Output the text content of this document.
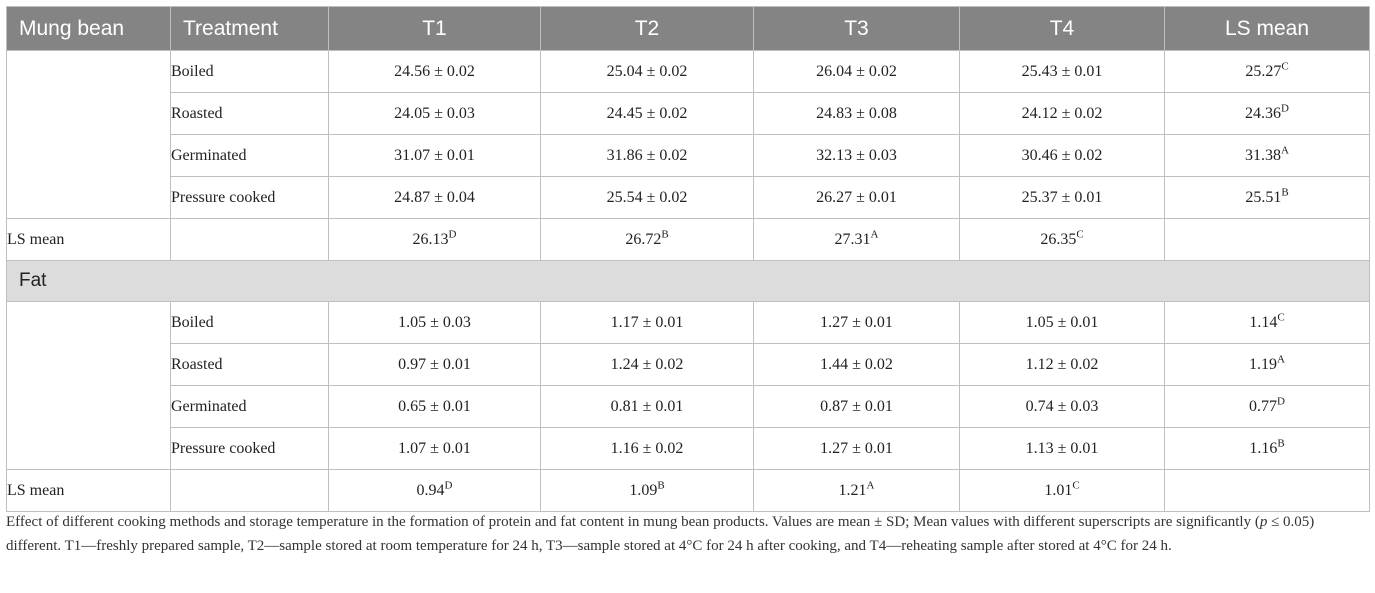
Mung bean	Treatment	T1	T2	T3	T4	LS mean
	Boiled	24.56 ± 0.02	25.04 ± 0.02	26.04 ± 0.02	25.43 ± 0.01	$25.27^C$
	Roasted	24.05 ± 0.03	24.45 ± 0.02	24.83 ± 0.08	24.12 ± 0.02	$24.36^D$
	Germinated	31.07 ± 0.01	31.86 ± 0.02	32.13 ± 0.03	30.46 ± 0.02	$31.38^A$
	Pressure cooked	24.87 ± 0.04	25.54 ± 0.02	26.27 ± 0.01	25.37 ± 0.01	$25.51^B$
LS mean		$26.13^D$	$26.72^B$	$27.31^A$	$26.35^C$	
Fat						
	Boiled	1.05 ± 0.03	1.17 ± 0.01	1.27 ± 0.01	1.05 ± 0.01	$1.14^C$
	Roasted	0.97 ± 0.01	1.24 ± 0.02	1.44 ± 0.02	1.12 ± 0.02	$1.19^A$
	Germinated	0.65 ± 0.01	0.81 ± 0.01	0.87 ± 0.01	0.74 ± 0.03	$0.77^D$
	Pressure cooked	1.07 ± 0.01	1.16 ± 0.02	1.27 ± 0.01	1.13 ± 0.01	$1.16^B$
LS mean		$0.94^D$	$1.09^B$	$1.21^A$	$1.01^C$	
Effect of different cooking methods and storage temperature in the formation of protein and fat content in mung bean products. Values are mean ± SD; Mean values with different superscripts are significantly (p ≤ 0.05) different. T1—freshly prepared sample, T2—sample stored at room temperature for 24 h, T3—sample stored at 4°C for 24 h after cooking, and T4—reheating sample after stored at 4°C for 24 h.
